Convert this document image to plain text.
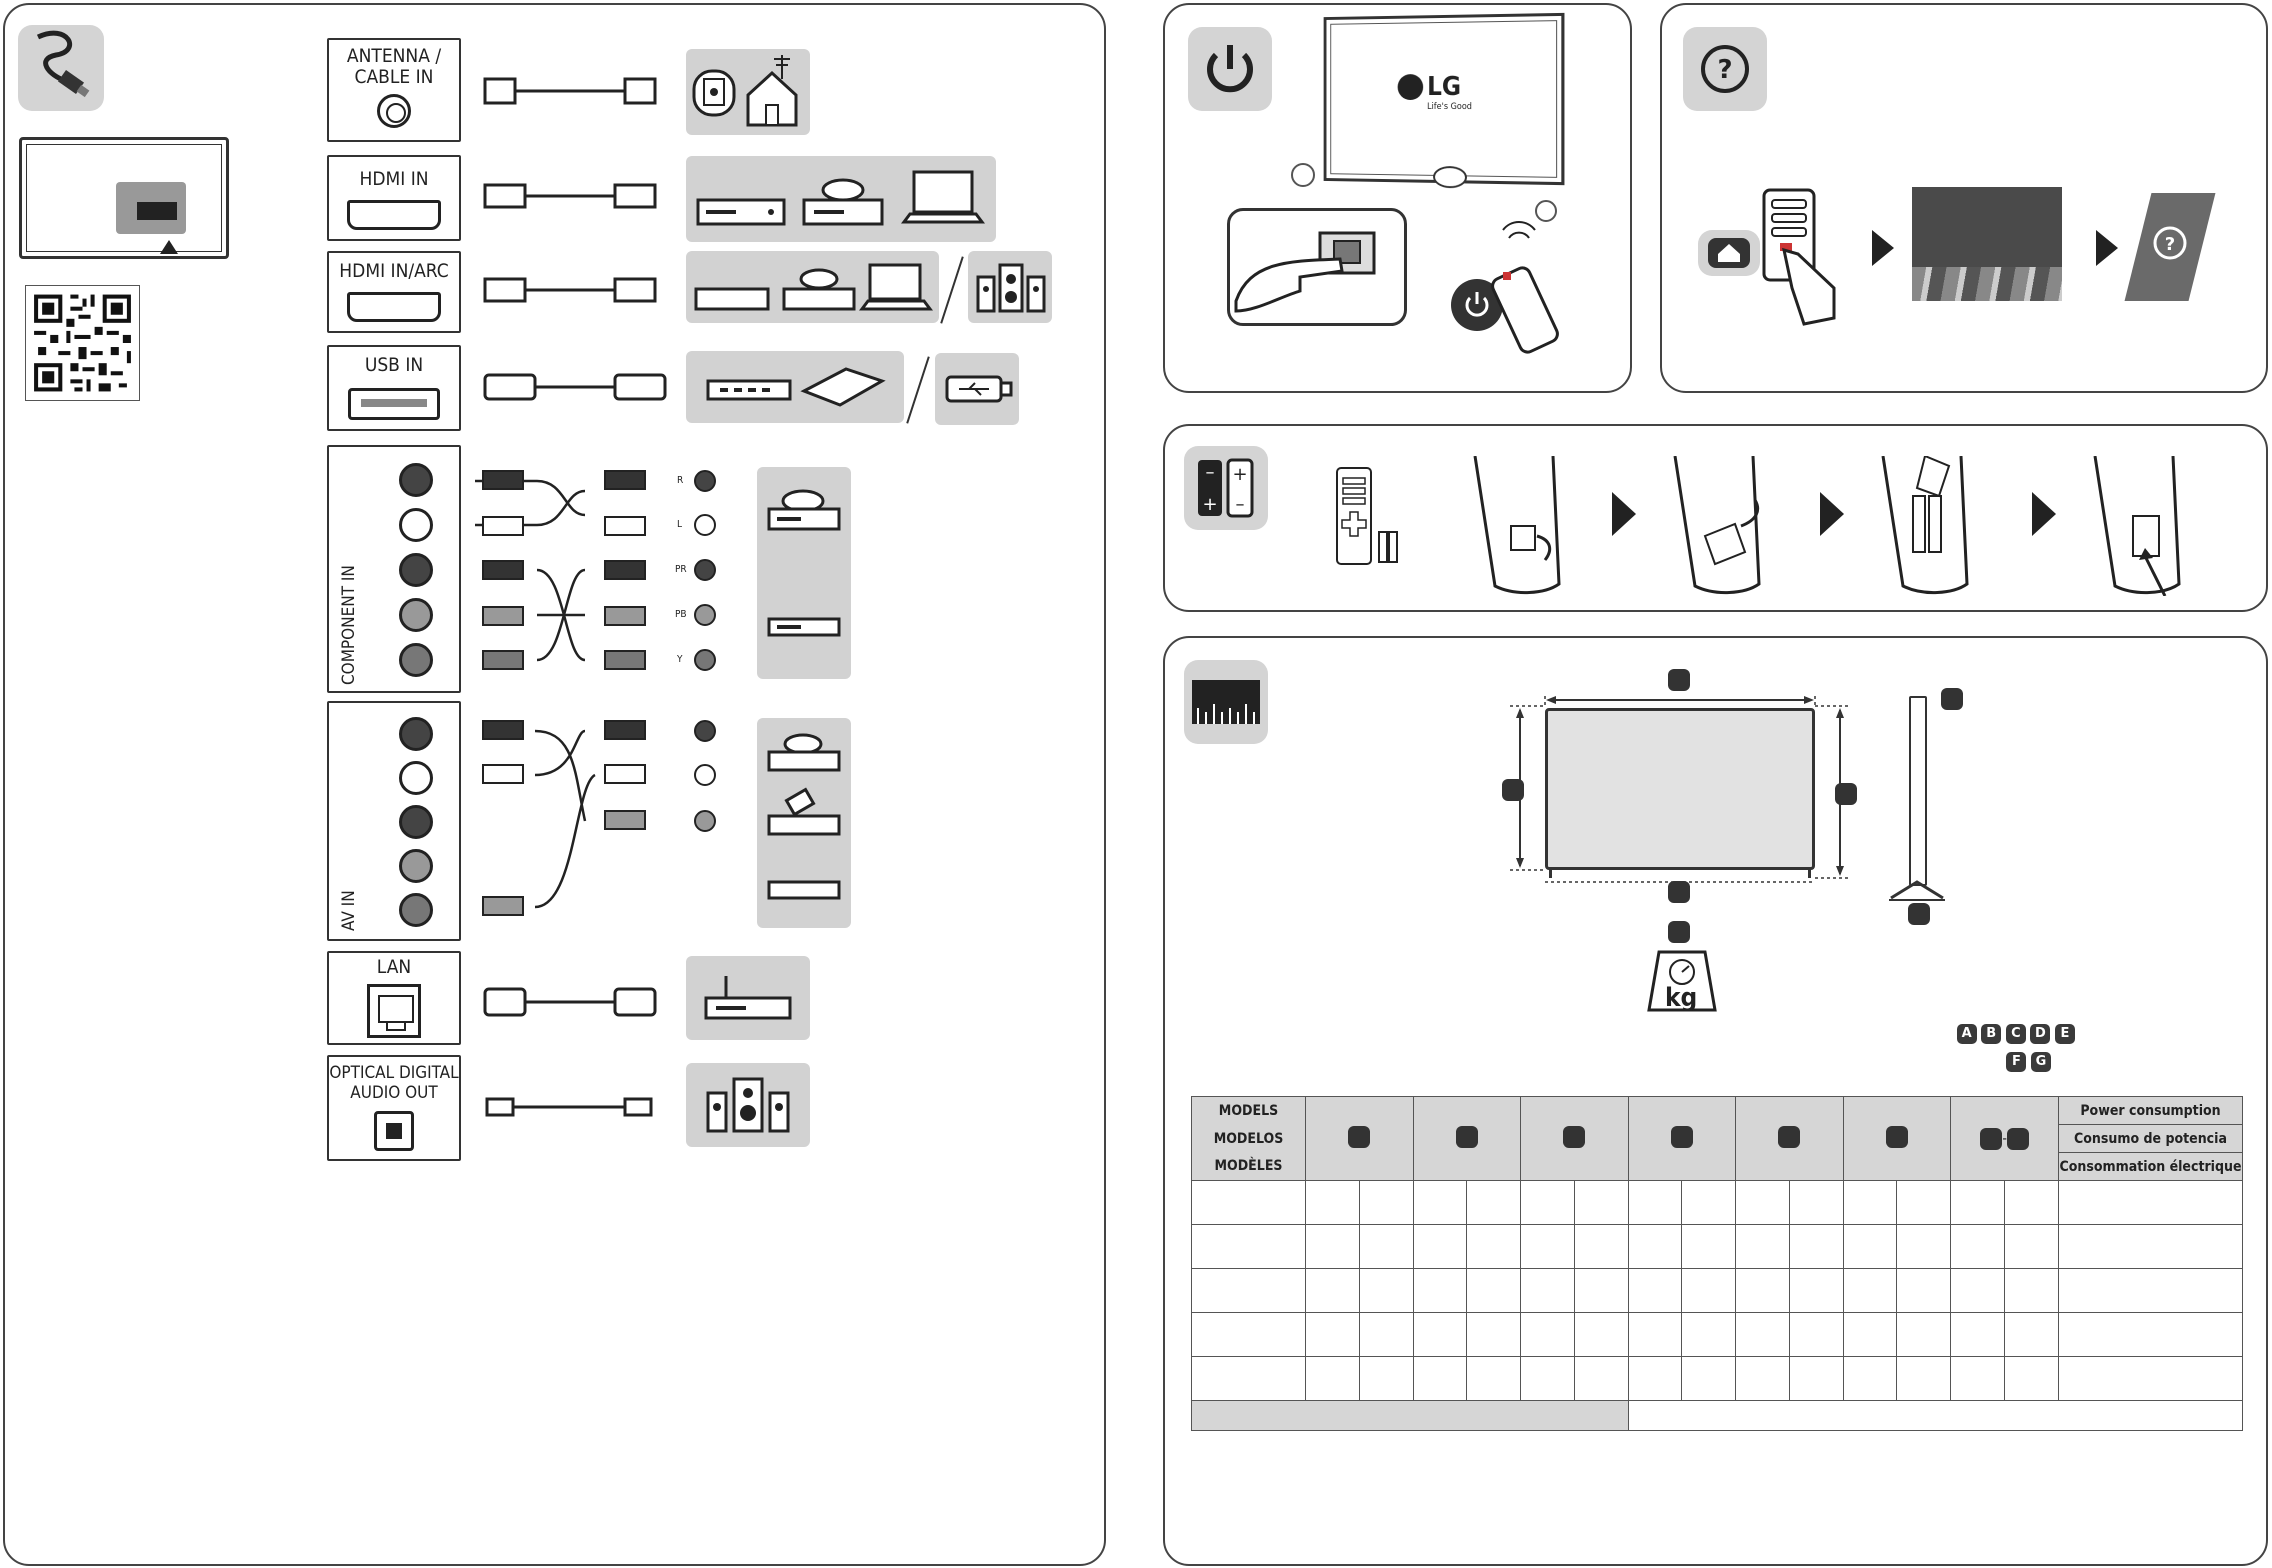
ANTENNA /
CABLE IN
HDMI IN
HDMI IN/ARC
USB IN
COMPONENT IN
AV IN
LAN
OPTICAL DIGITAL
AUDIO OUT
R
L
PR
PB
Y
LG
Life's Good
?
?
–
+
+
–
kg
A B C D E
F G
MODELS													-		Power consumption
MODELOS															Consumo de potencia
MODÈLES															Consommation électrique
